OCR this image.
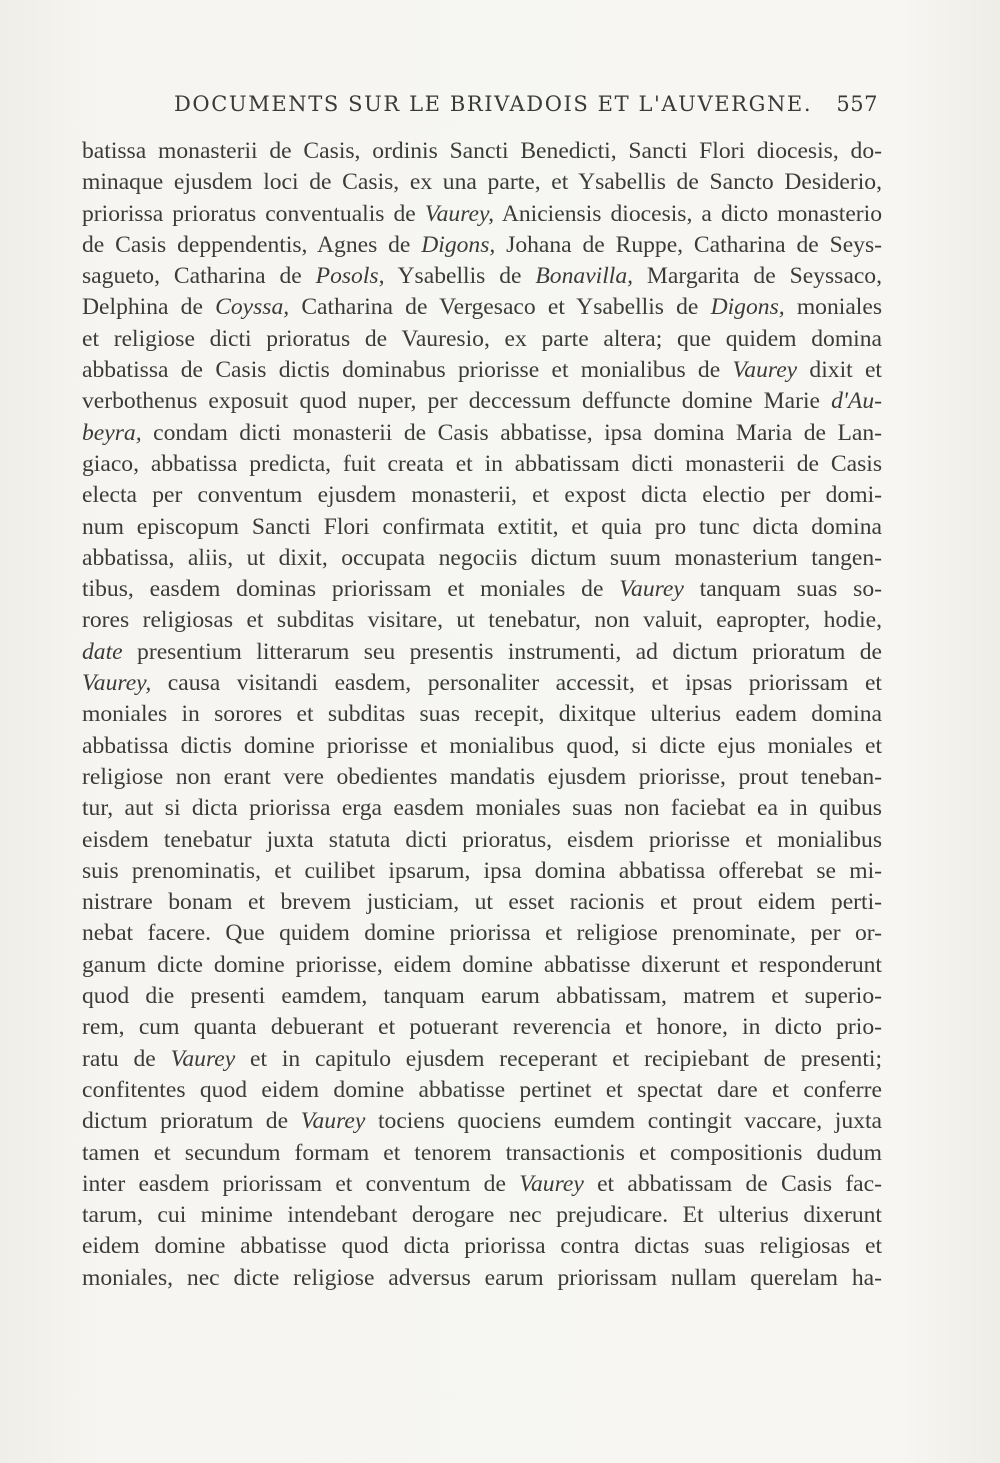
DOCUMENTS SUR LE BRIVADOIS ET L'AUVERGNE. 557
batissa monasterii de Casis, ordinis Sancti Benedicti, Sancti Flori diocesis, do-
minaque ejusdem loci de Casis, ex una parte, et Ysabellis de Sancto Desiderio,
priorissa prioratus conventualis de Vaurey, Aniciensis diocesis, a dicto monasterio
de Casis deppendentis, Agnes de Digons, Johana de Ruppe, Catharina de Seys-
sagueto, Catharina de Posols, Ysabellis de Bonavilla, Margarita de Seyssaco,
Delphina de Coyssa, Catharina de Vergesaco et Ysabellis de Digons, moniales
et religiose dicti prioratus de Vauresio, ex parte altera; que quidem domina
abbatissa de Casis dictis dominabus priorisse et monialibus de Vaurey dixit et
verbothenus exposuit quod nuper, per deccessum deffuncte domine Marie d'Au-
beyra, condam dicti monasterii de Casis abbatisse, ipsa domina Maria de Lan-
giaco, abbatissa predicta, fuit creata et in abbatissam dicti monasterii de Casis
electa per conventum ejusdem monasterii, et expost dicta electio per domi-
num episcopum Sancti Flori confirmata extitit, et quia pro tunc dicta domina
abbatissa, aliis, ut dixit, occupata negociis dictum suum monasterium tangen-
tibus, easdem dominas priorissam et moniales de Vaurey tanquam suas so-
rores religiosas et subditas visitare, ut tenebatur, non valuit, eapropter, hodie,
date presentium litterarum seu presentis instrumenti, ad dictum prioratum de
Vaurey, causa visitandi easdem, personaliter accessit, et ipsas priorissam et
moniales in sorores et subditas suas recepit, dixitque ulterius eadem domina
abbatissa dictis domine priorisse et monialibus quod, si dicte ejus moniales et
religiose non erant vere obedientes mandatis ejusdem priorisse, prout teneban-
tur, aut si dicta priorissa erga easdem moniales suas non faciebat ea in quibus
eisdem tenebatur juxta statuta dicti prioratus, eisdem priorisse et monialibus
suis prenominatis, et cuilibet ipsarum, ipsa domina abbatissa offerebat se mi-
nistrare bonam et brevem justiciam, ut esset racionis et prout eidem perti-
nebat facere. Que quidem domine priorissa et religiose prenominate, per or-
ganum dicte domine priorisse, eidem domine abbatisse dixerunt et responderunt
quod die presenti eamdem, tanquam earum abbatissam, matrem et superio-
rem, cum quanta debuerant et potuerant reverencia et honore, in dicto prio-
ratu de Vaurey et in capitulo ejusdem receperant et recipiebant de presenti;
confitentes quod eidem domine abbatisse pertinet et spectat dare et conferre
dictum prioratum de Vaurey tociens quociens eumdem contingit vaccare, juxta
tamen et secundum formam et tenorem transactionis et compositionis dudum
inter easdem priorissam et conventum de Vaurey et abbatissam de Casis fac-
tarum, cui minime intendebant derogare nec prejudicare. Et ulterius dixerunt
eidem domine abbatisse quod dicta priorissa contra dictas suas religiosas et
moniales, nec dicte religiose adversus earum priorissam nullam querelam ha-
